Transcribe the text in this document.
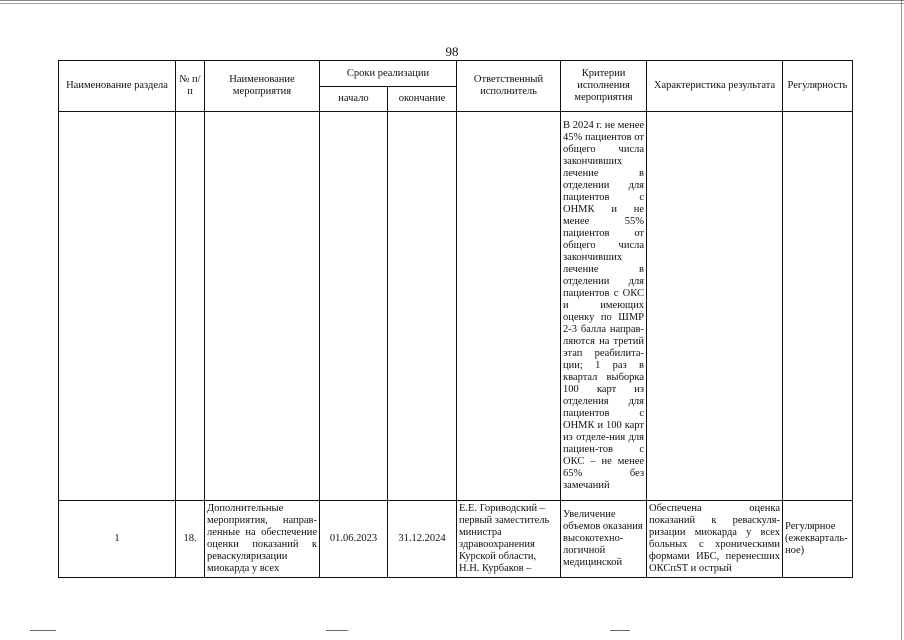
98
Наименование раздела	№ п/п	Наименование мероприятия	Сроки реализации		Ответственный исполнитель	Критерии исполнения мероприятия	Характеристика результата	Регулярность
			начало	окончание				
						В 2024 г. не менее 45% пациентов от общего числа закончивших лечение в отделении для пациентов с ОНМК и не менее 55% пациентов от общего числа закончивших лечение в отделении для пациентов с ОКС и имеющих оценку по ШМР 2-3 балла направ-ляются на третий этап реабилита-ции; 1 раз в квартал выборка 100 карт из отделения для пациентов с ОНМК и 100 карт из отделе-ния для пациен-тов с ОКС – не менее 65% без замечаний		
1	18.	Дополнительные мероприятия, направ-ленные на обеспечение оценки показаний к реваскуляризации миокарда у всех	01.06.2023	31.12.2024	Е.Е. Гоpиводский – первый заместитель министра здравоохранения Курской области, Н.Н. Курбаков –	Увеличение объемов оказания высокотехно-логичной медицинской	Обеспечена оценка показаний к реваскуля-ризации миокарда у всех больных с хроническими формами ИБС, перенесших ОКСпST и острый	Регулярное (ежекварталь-ное)
